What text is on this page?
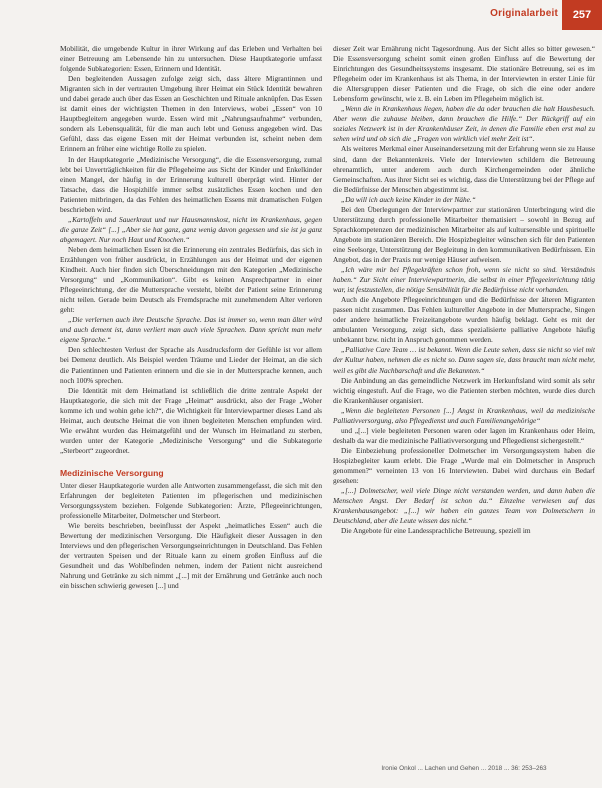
Originalarbeit	257

Mobilität, die umgebende Kultur in ihrer Wirkung auf das Erleben und Verhalten bei einer Betreuung am Lebensende hin zu untersuchen. Diese Hauptkategorie umfasst folgende Subkategorien: Essen, Erinnern und Identität.

Den begleitenden Aussagen zufolge zeigt sich, dass ältere Migrantinnen und Migranten sich in der vertrauten Umgebung ihrer Heimat ein Stück Identität bewahren und dabei gerade auch über das Essen an Geschichten und Rituale anknüpfen. Das Essen ist damit eines der wichtigsten Themen in den Interviews, wobei „Essen“ von 10 Hauptbegleitern angegeben wurde. Essen wird mit „Nahrungsaufnahme“ verbunden, sondern als Lebensqualität, für die man auch lebt und Genuss angegeben wird. Das Gefühl, dass das eigene Essen mit der Heimat verbunden ist, scheint neben dem Erinnern an früher eine wichtige Rolle zu spielen.

In der Hauptkategorie „Medizinische Versorgung“, die die Essensversorgung, zumal lebt bei Unverträglichkeiten für die Pflegeheime aus Sicht der Kinder und Enkelkinder einen Mangel, der häufig in der Erinnerung kulturell überprägt wird. Hinter der Tatsache, dass die Hospizhilfe immer selbst zusätzliches Essen kochen und den Patienten mitbringen, da das Fehlen des heimatlichen Essens mit dramatischen Folgen beschrieben wird.

„Kartoffeln und Sauerkraut und nur Hausmannskost, nicht im Krankenhaus, gegen die ganze Zeit“ [...] „Aber sie hat ganz, ganz wenig davon gegessen und sie ist ja ganz abgemagert. Nur noch Haut und Knochen.“

Neben dem heimatlichen Essen ist die Erinnerung ein zentrales Bedürfnis, das sich in Erzählungen von früher ausdrückt, in Erzählungen aus der Heimat und der eigenen Kindheit. Auch hier finden sich Überschneidungen mit den Kategorien „Medizinische Versorgung“ und „Kommunikation“. Gibt es keinen Ansprechpartner in einer Pflegeeinrichtung, der die Muttersprache versteht, bleibt der Patient seine Erinnerung nicht teilen. Gerade beim Deutsch als Fremdsprache mit zunehmendem Alter verloren geht:

„Die verlernen auch ihre Deutsche Sprache. Das ist immer so, wenn man älter wird und auch dement ist, dann verliert man auch viele Sprachen. Dann spricht man mehr eigene Sprache.“

Den schlechtesten Verlust der Sprache als Ausdrucksform der Gefühle ist vor allem bei Demenz deutlich. Als Beispiel werden Träume und Lieder der Heimat, an die sich die Patientinnen und Patienten erinnern und die sie in der Muttersprache kennen, auch noch 100% sprechen.

Die Identität mit dem Heimatland ist schließlich die dritte zentrale Aspekt der Hauptkategorie, die sich mit der Frage „Heimat“ ausdrückt, also der Frage „Woher komme ich und wohin gehe ich?“, die Wichtigkeit für Interviewpartner dieses Land als Heimat, auch deutsche Heimat die von ihnen begleiteten Menschen empfunden wird. Wie erwähnt wurden das Heimatgefühl und der Wunsch im Heimatland zu sterben, wurden unter der Kategorie „Medizinische Versorgung“ und die Subkategorie „Sterbeort“ zugeordnet.

Medizinische Versorgung

Unter dieser Hauptkategorie wurden alle Antworten zusammengefasst, die sich mit den Erfahrungen der begleiteten Patienten im pflegerischen und medizinischen Versorgungssystem beziehen. Folgende Subkategorien: Ärzte, Pflegeeinrichtungen, professionelle Mitarbeiter, Dolmetscher und Sterbeort.

Wie bereits beschrieben, beeinflusst der Aspekt „heimatliches Essen“ auch die Bewertung der medizinischen Versorgung. Die Häufigkeit dieser Aussagen in den Interviews und den pflegerischen Versorgungseinrichtungen in Deutschland. Das Fehlen der vertrauten Speisen und der Rituale kann zu einem großen Einfluss auf die Gesundheit und das Wohlbefinden nehmen, indem der Patient nicht ausreichend Nahrung und Getränke zu sich nimmt „[...] mit der Ernährung und Getränke auch noch ein bisschen schwierig gewesen [...] und

dieser Zeit war Ernährung nicht Tagesordnung. Aus der Sicht alles so bitter gewesen.“ Die Essensversorgung scheint somit einen großen Einfluss auf die Bewertung der Einrichtungen des Gesundheitssystems insgesamt. Die stationäre Betreuung, sei es im Pflegeheim oder im Krankenhaus ist als Thema, in der Interviewten in erster Linie für die Altersgruppen dieser Patienten und die Frage, ob sich die eine oder andere Lebensform gewünscht, wie z. B. ein Leben im Pflegeheim möglich ist.

„Wenn die in Krankenhaus liegen, haben die da oder brauchen die halt Hausbesuch. Aber wenn die zuhause bleiben, dann brauchen die Hilfe.“ Der Rückgriff auf ein soziales Netzwerk ist in der Krankenhäuser Zeit, in denen die Familie eben erst mal zu sehen wird und ob sich die „Fragen von wirklich viel mehr Zeit ist“.

Als weiteres Merkmal einer Auseinandersetzung mit der Erfahrung wenn sie zu Hause sind, dann der Bekanntenkreis. Viele der Interviewten schildern die Betreuung ehrenamtlich, unter anderem auch durch Kirchengemeinden oder ähnliche Gemeinschaften. Aus ihrer Sicht sei es wichtig, dass die Unterstützung bei der Pflege auf die Bedürfnisse der Menschen abgestimmt ist.

„Da will ich auch keine Kinder in der Nähe.“

Bei den Überlegungen der Interviewpartner zur stationären Unterbringung wird die Unterstützung durch professionelle Mitarbeiter thematisiert – sowohl in Bezug auf Sprachkompetenzen der medizinischen Mitarbeiter als auf kultursensible und spirituelle Angebote im stationären Bereich. Die Hospizbegleiter wünschen sich für den Patienten eine Seelsorge, Unterstützung der Begleitung in den kommunikativen Bedürfnissen. Ein Angebot, das in der Praxis nur wenige Häuser aufweisen.

„Ich wäre mir bei Pflegekräften schon froh, wenn sie nicht so sind. Verständnis haben.“ Zur Sicht einer Interviewpartnerin, die selbst in einer Pflegeeinrichtung tätig war, ist festzustellen, die nötige Sensibilität für die Bedürfnisse nicht vorhanden.

Auch die Angebote Pflegeeinrichtungen und die Bedürfnisse der älteren Migranten passen nicht zusammen. Das Fehlen kultureller Angebote in der Muttersprache, Singen oder andere heimatliche Freizeitangebote wurden häufig beklagt. Geht es mit der ambulanten Versorgung, zeigt sich, dass spezialisierte palliative Angebote häufig unbekannt bzw. nicht in Anspruch genommen werden.

„Palliative Care Team … ist bekannt. Wenn die Leute sehen, dass sie nicht so viel mit der Kultur haben, nehmen die es nicht so. Dann sagen sie, dass braucht man nicht mehr, weil es gibt die Nachbarschaft und die Bekannten.“

Die Anbindung an das gemeindliche Netzwerk im Herkunftsland wird somit als sehr wichtig eingestuft. Auf die Frage, wo die Patienten sterben möchten, wurde dies durch die Krankenhäuser organisiert.

„Wenn die begleiteten Personen [...] Angst in Krankenhaus, weil da medizinische Palliativversorgung, also Pflegedienst und auch Familienangehörige“

und „[...] viele begleiteten Personen waren oder lagen im Krankenhaus oder Heim, deshalb da war die medizinische Palliativversorgung und Pflegedienst sichergestellt.“

Die Einbeziehung professioneller Dolmetscher im Versorgungssystem haben die Hospizbegleiter kaum erlebt. Die Frage „Wurde mal ein Dolmetscher in Anspruch genommen?“ verneinten 13 von 16 Interviewten. Dabei wird durchaus ein Bedarf gesehen:

„[...] Dolmetscher, weil viele Dinge nicht verstanden werden, und dann haben die Menschen Angst. Der Bedarf ist schon da.“ Einzelne verwiesen auf das Krankenhausangebot: „[...] wir haben ein ganzes Team von Dolmetschern in Deutschland, aber die Leute wissen das nicht.“

Die Angebote für eine Landessprachliche Betreuung, speziell im

Ironie Onkol ... Lachen und Gehen ... 2018 ... 36: 253–263
